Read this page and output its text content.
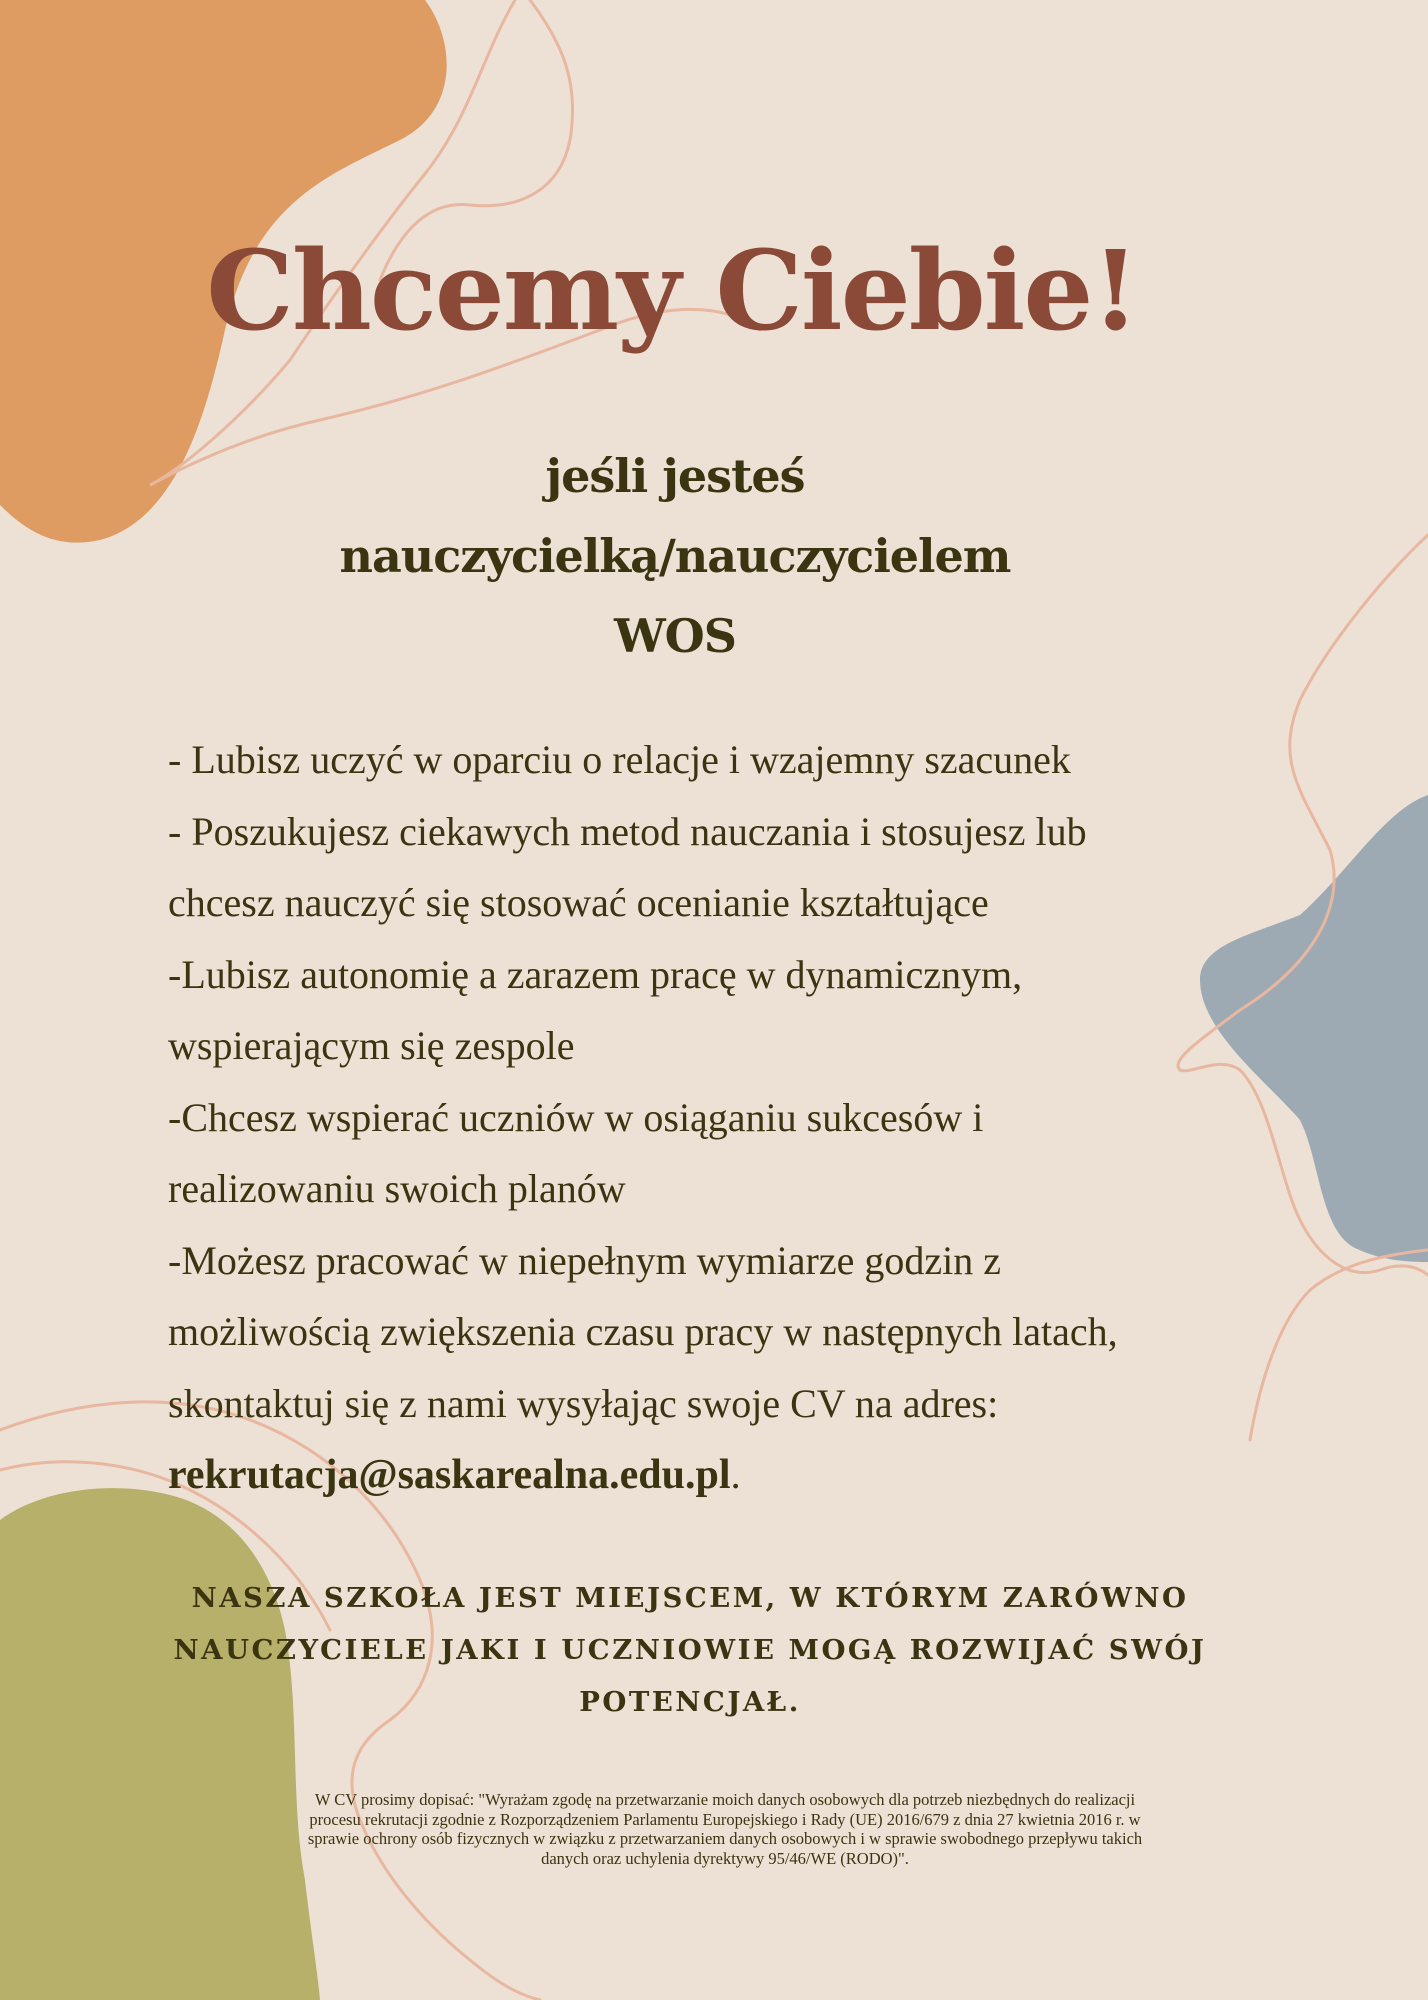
Chcemy Ciebie!
jeśli jesteś
nauczycielką/nauczycielem
WOS
- Lubisz uczyć w oparciu o relacje i wzajemny szacunek
- Poszukujesz ciekawych metod nauczania i stosujesz lub
chcesz nauczyć się stosować ocenianie kształtujące
-Lubisz autonomię a zarazem pracę w dynamicznym,
wspierającym się zespole
-Chcesz wspierać uczniów w osiąganiu sukcesów i
realizowaniu swoich planów
-Możesz pracować w niepełnym wymiarze godzin z
możliwością zwiększenia czasu pracy w następnych latach,
skontaktuj się z nami wysyłając swoje CV na adres:
rekrutacja@saskarealna.edu.pl.
NASZA SZKOŁA JEST MIEJSCEM, W KTÓRYM ZARÓWNO
NAUCZYCIELE JAKI I UCZNIOWIE MOGĄ ROZWIJAĆ SWÓJ
POTENCJAŁ.
W CV prosimy dopisać: "Wyrażam zgodę na przetwarzanie moich danych osobowych dla potrzeb niezbędnych do realizacji
procesu rekrutacji zgodnie z Rozporządzeniem Parlamentu Europejskiego i Rady (UE) 2016/679 z dnia 27 kwietnia 2016 r. w
sprawie ochrony osób fizycznych w związku z przetwarzaniem danych osobowych i w sprawie swobodnego przepływu takich
danych oraz uchylenia dyrektywy 95/46/WE (RODO)".
